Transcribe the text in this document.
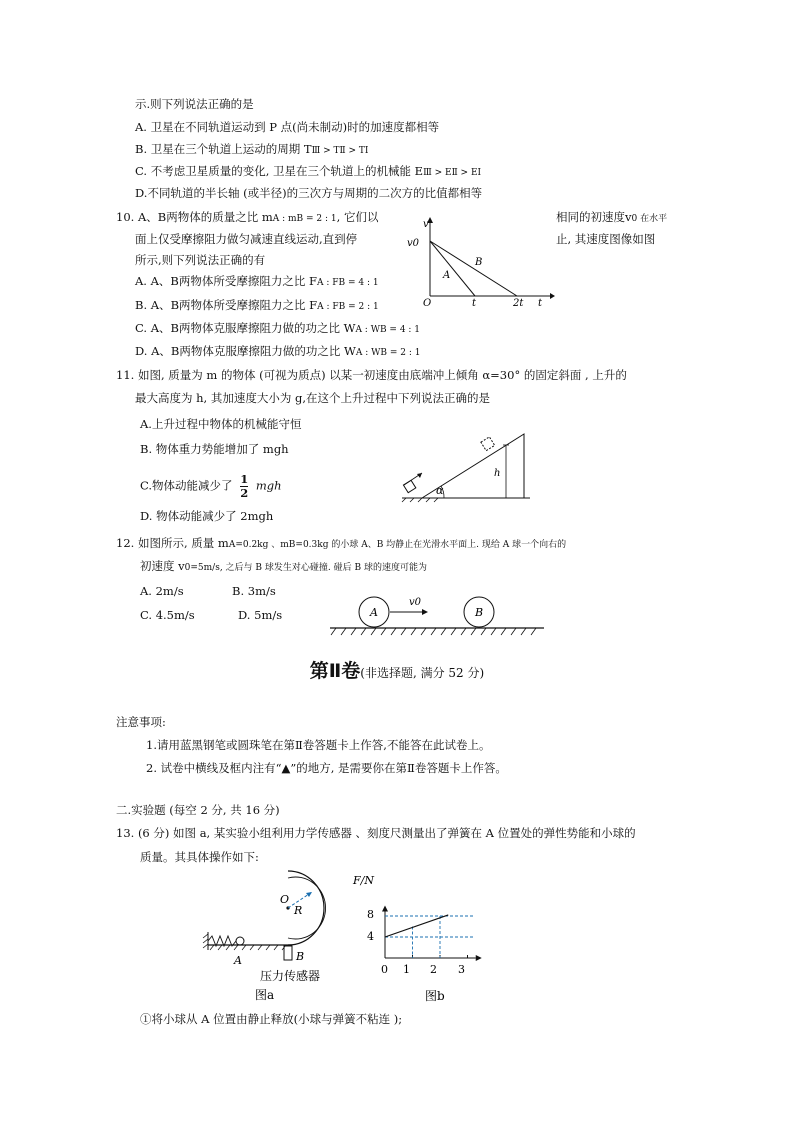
示.则下列说法正确的是
A. 卫星在不同轨道运动到 P 点(尚未制动)时的加速度都相等
B. 卫星在三个轨道上运动的周期 TⅢ > TⅡ > TⅠ
C. 不考虑卫星质量的变化, 卫星在三个轨道上的机械能 EⅢ > EⅡ > EⅠ
D.不同轨道的半长轴 (或半径)的三次方与周期的二次方的比值都相等
10. A、B两物体的质量之比 mA : mB = 2 : 1, 它们以	相同的初速度v0 在水平
面上仅受摩擦阻力做匀减速直线运动,直到停	止, 其速度图像如图
所示,则下列说法正确的有
A. A、B两物体所受摩擦阻力之比 FA : FB = 4 : 1
B. A、B两物体所受摩擦阻力之比 FA : FB = 2 : 1
C. A、B两物体克服摩擦阻力做的功之比 WA : WB = 4 : 1
D. A、B两物体克服摩擦阻力做的功之比 WA : WB = 2 : 1
v
v0
O	t	2t t
A
B
11. 如图, 质量为 m 的物体 (可视为质点) 以某一初速度由底端冲上倾角 α=30° 的固定斜面 , 上升的
最大高度为 h, 其加速度大小为 g,在这个上升过程中下列说法正确的是
A.上升过程中物体的机械能守恒
B. 物体重力势能增加了 mgh
C.物体动能减少了 $\frac{1}{2}$ mgh
D. 物体动能减少了 2mgh
α
h
12. 如图所示, 质量 mA=0.2kg 、mB=0.3kg 的小球 A、B 均静止在光滑水平面上. 现给 A 球一个向右的
初速度 v0=5m/s, 之后与 B 球发生对心碰撞. 碰后 B 球的速度可能为
A. 2m/s	B. 3m/s
C. 4.5m/s	D. 5m/s	A	B
v0
第Ⅱ卷(非选择题, 满分 52 分)
注意事项:
1.请用蓝黑钢笔或圆珠笔在第Ⅱ卷答题卡上作答,不能答在此试卷上。
2. 试卷中横线及框内注有“▲”的地方, 是需要你在第Ⅱ卷答题卡上作答。
二.实验题 (每空 2 分, 共 16 分)
13. (6 分) 如图 a, 某实验小组利用力学传感器 、刻度尺测量出了弹簧在 A 位置处的弹性势能和小球的
质量。其具体操作如下:
O
R
A	B
压力传感器
图a
F/N
8
4
0 1 2 3
图b
①将小球从 A 位置由静止释放(小球与弹簧不粘连 );
